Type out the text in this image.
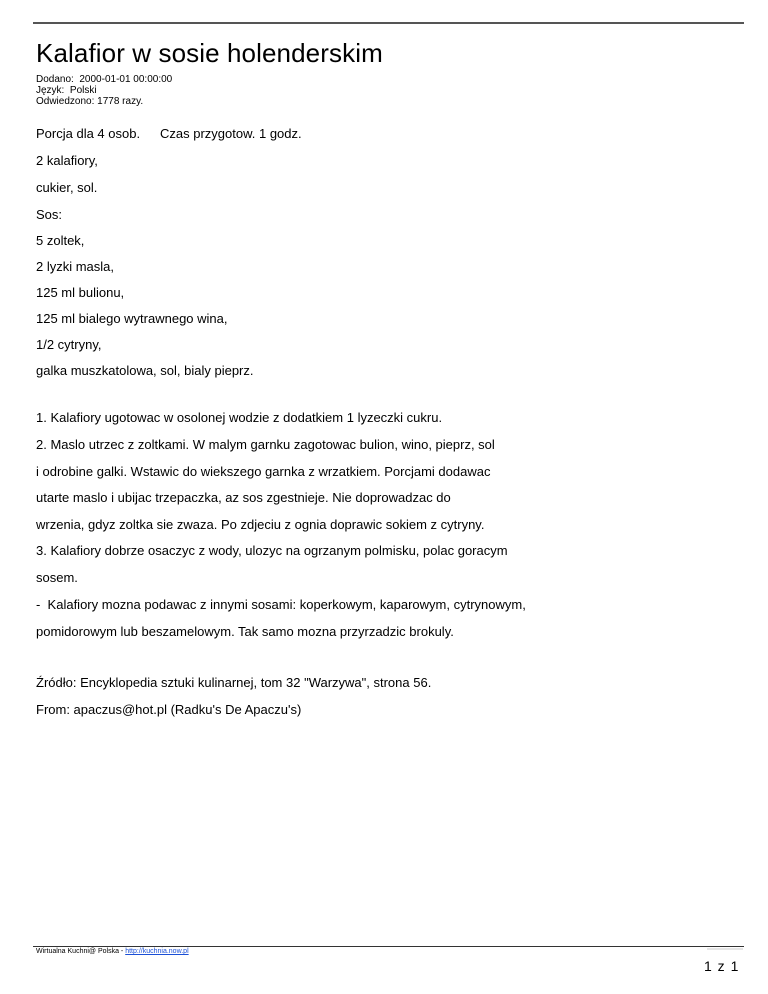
Kalafior w sosie holenderskim
Dodano:  2000-01-01 00:00:00
Język:  Polski
Odwiedzono: 1778 razy.
Porcja dla 4 osob. Czas przygotow. 1 godz.
2 kalafiory,
cukier, sol.
Sos:
5 zoltek,
2 lyzki masla,
125 ml bulionu,
125 ml bialego wytrawnego wina,
1/2 cytryny,
galka muszkatolowa, sol, bialy pieprz.
1. Kalafiory ugotowac w osolonej wodzie z dodatkiem 1 lyzeczki cukru.
2. Maslo utrzec z zoltkami. W malym garnku zagotowac bulion, wino, pieprz, sol
i odrobine galki. Wstawic do wiekszego garnka z wrzatkiem. Porcjami dodawac
utarte maslo i ubijac trzepaczka, az sos zgestnieje. Nie doprowadzac do
wrzenia, gdyz zoltka sie zwaza. Po zdjeciu z ognia doprawic sokiem z cytryny.
3. Kalafiory dobrze osaczyc z wody, ulozyc na ogrzanym polmisku, polac goracym
sosem.
-  Kalafiory mozna podawac z innymi sosami: koperkowym, kaparowym, cytrynowym,
pomidorowym lub beszamelowym. Tak samo mozna przyrzadzic brokuly.
Źródło: Encyklopedia sztuki kulinarnej, tom 32 "Warzywa", strona 56.
From: apaczus@hot.pl (Radku's De Apaczu's)
Wirtualna Kuchni@ Polska - http://kuchnia.now.pl
1 z 1
